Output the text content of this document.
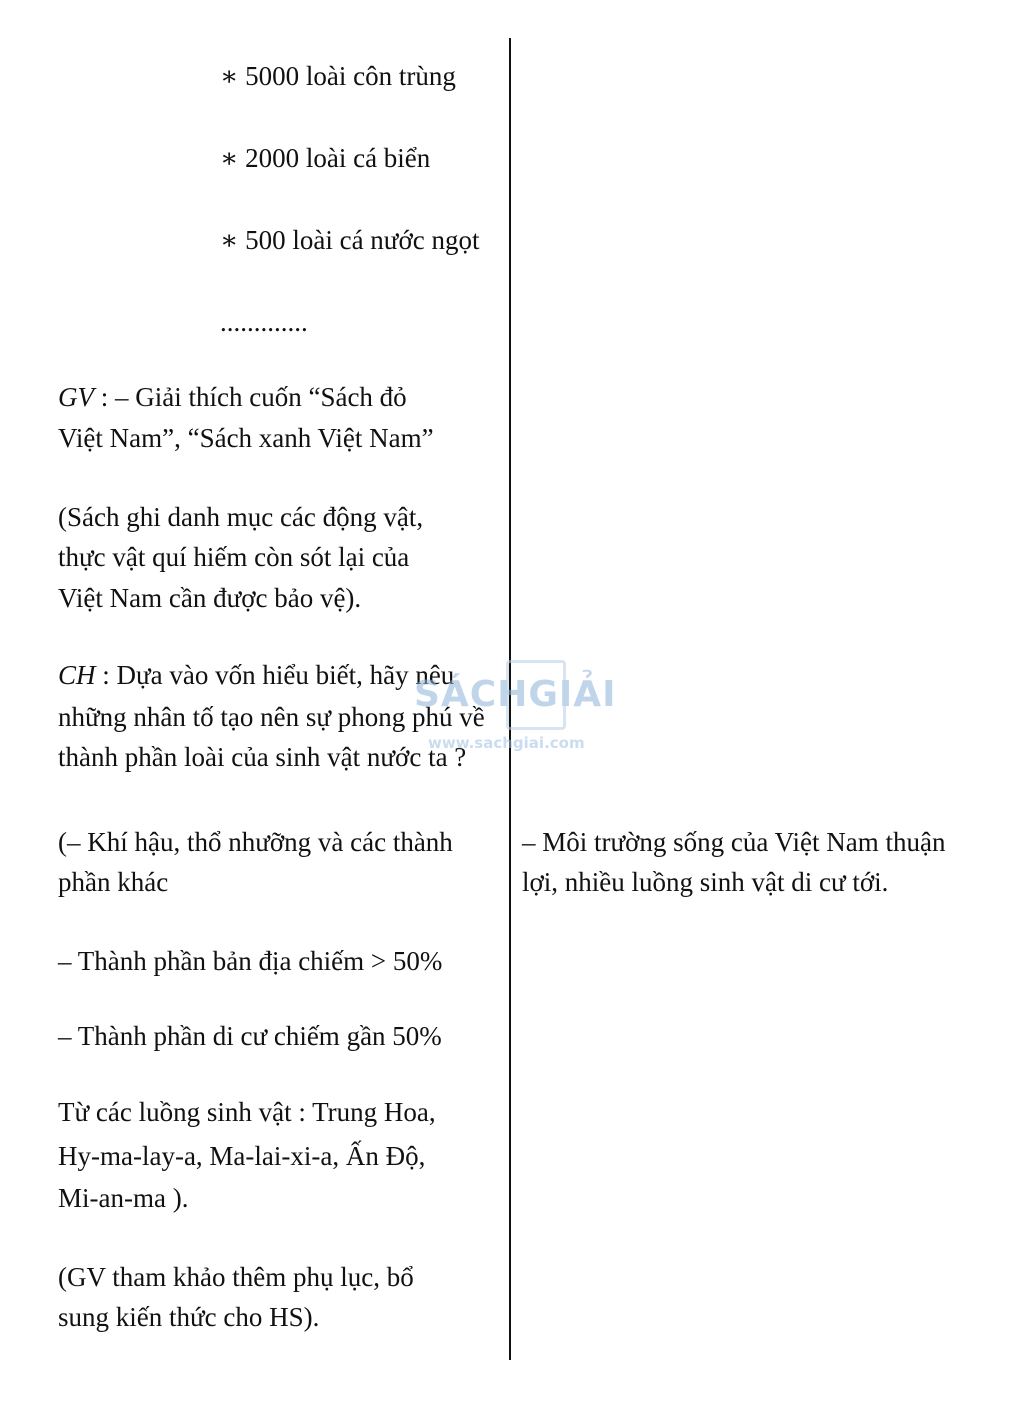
∗ 5000 loài côn trùng

∗ 2000 loài cá biển

∗ 500 loài cá nước ngọt

.............

GV : – Giải thích cuốn “Sách đỏ

Việt Nam”, “Sách xanh Việt Nam”

(Sách ghi danh mục các động vật,

thực vật quí hiếm còn sót lại của

Việt Nam cần được bảo vệ).

CH : Dựa vào vốn hiểu biết, hãy nêu

những nhân tố tạo nên sự phong phú về

thành phần loài của sinh vật nước ta ?

(– Khí hậu, thổ nhưỡng và các thành

phần khác

– Thành phần bản địa chiếm > 50%

– Thành phần di cư chiếm gần 50%

Từ các luồng sinh vật : Trung Hoa,

Hy-ma-lay-a, Ma-lai-xi-a, Ấn Độ,

Mi-an-ma ).

(GV tham khảo thêm phụ lục, bổ

sung kiến thức cho HS).

– Môi trường sống của Việt Nam thuận

lợi, nhiều luồng sinh vật di cư tới.

SÁCHGIẢI
www.sachgiai.com
